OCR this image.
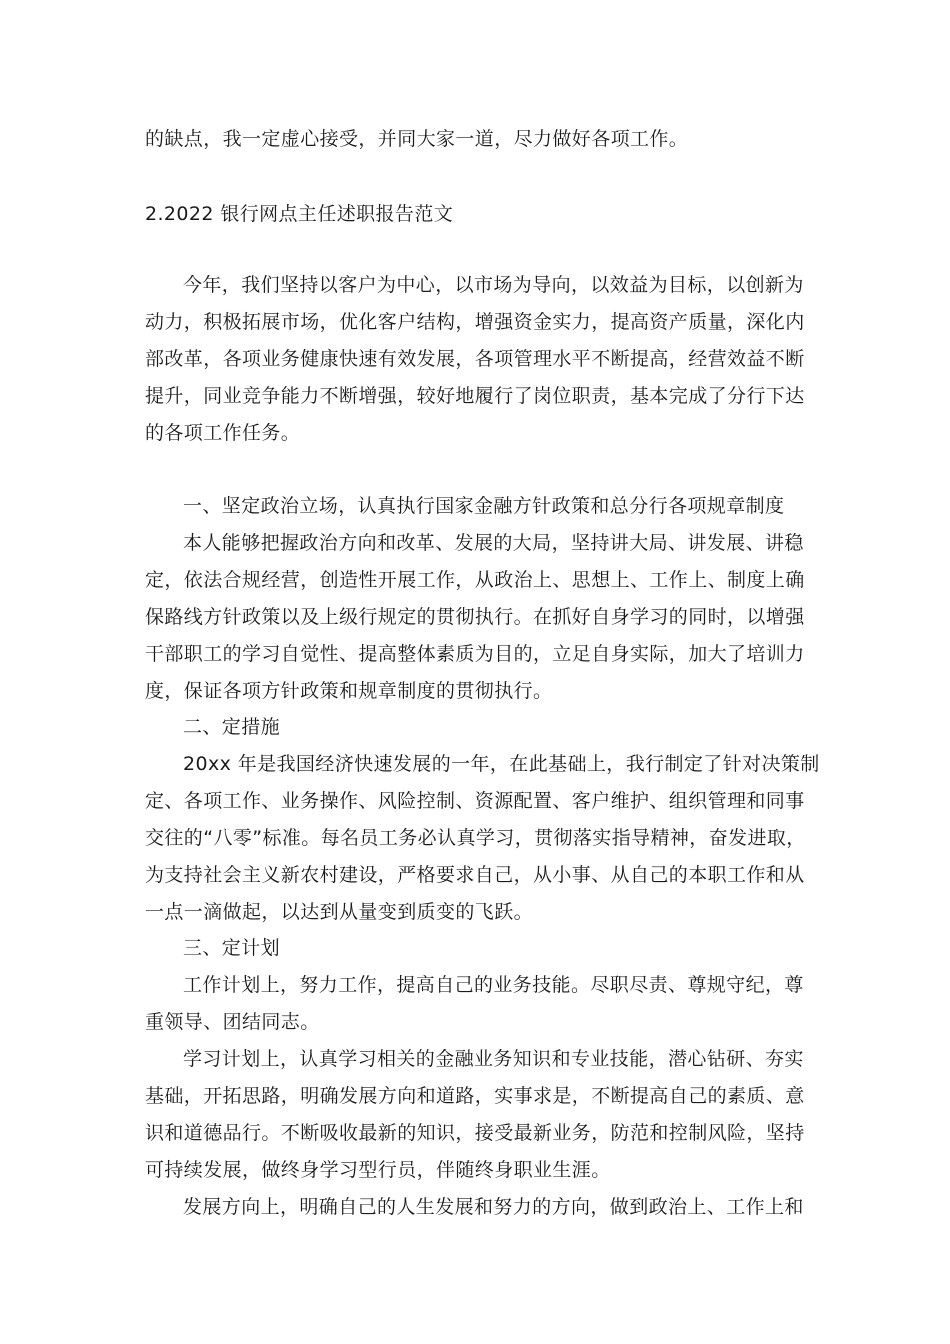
的缺点，我一定虚心接受，并同大家一道，尽力做好各项工作。
2.2022 银行网点主任述职报告范文
今年，我们坚持以客户为中心，以市场为导向，以效益为目标，以创新为
动力，积极拓展市场，优化客户结构，增强资金实力，提高资产质量，深化内
部改革，各项业务健康快速有效发展，各项管理水平不断提高，经营效益不断
提升，同业竞争能力不断增强，较好地履行了岗位职责，基本完成了分行下达
的各项工作任务。
一、坚定政治立场，认真执行国家金融方针政策和总分行各项规章制度
本人能够把握政治方向和改革、发展的大局，坚持讲大局、讲发展、讲稳
定，依法合规经营，创造性开展工作，从政治上、思想上、工作上、制度上确
保路线方针政策以及上级行规定的贯彻执行。在抓好自身学习的同时，以增强
干部职工的学习自觉性、提高整体素质为目的，立足自身实际，加大了培训力
度，保证各项方针政策和规章制度的贯彻执行。
二、定措施
20xx 年是我国经济快速发展的一年，在此基础上，我行制定了针对决策制
定、各项工作、业务操作、风险控制、资源配置、客户维护、组织管理和同事
交往的“八零”标准。每名员工务必认真学习，贯彻落实指导精神，奋发进取，
为支持社会主义新农村建设，严格要求自己，从小事、从自己的本职工作和从
一点一滴做起，以达到从量变到质变的飞跃。
三、定计划
工作计划上，努力工作，提高自己的业务技能。尽职尽责、尊规守纪，尊
重领导、团结同志。
学习计划上，认真学习相关的金融业务知识和专业技能，潜心钻研、夯实
基础，开拓思路，明确发展方向和道路，实事求是，不断提高自己的素质、意
识和道德品行。不断吸收最新的知识，接受最新业务，防范和控制风险，坚持
可持续发展，做终身学习型行员，伴随终身职业生涯。
发展方向上，明确自己的人生发展和努力的方向，做到政治上、工作上和
